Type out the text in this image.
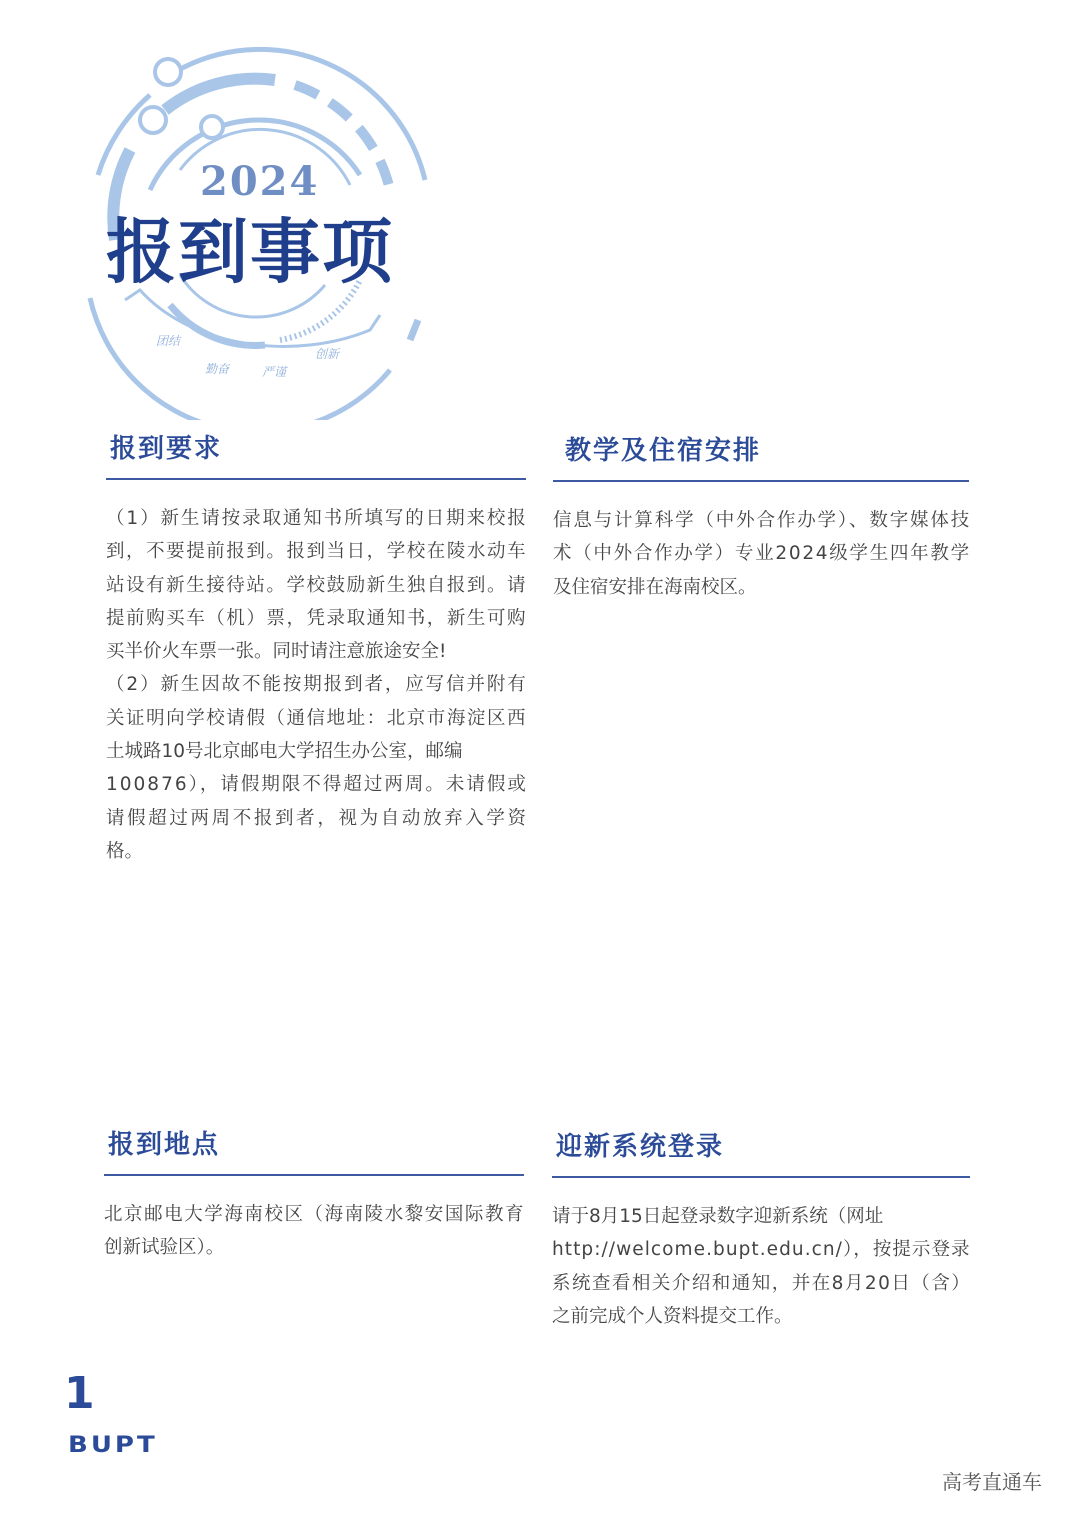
团结
勤奋	严谨
创新
2024
报到事项
报到要求
（1）新生请按录取通知书所填写的日期来校报
到，不要提前报到。报到当日，学校在陵水动车
站设有新生接待站。学校鼓励新生独自报到。请
提前购买车（机）票，凭录取通知书，新生可购
买半价火车票一张。同时请注意旅途安全!
（2）新生因故不能按期报到者，应写信并附有
关证明向学校请假（通信地址：北京市海淀区西
土城路10号北京邮电大学招生办公室，邮编
100876），请假期限不得超过两周。未请假或
请假超过两周不报到者，视为自动放弃入学资
格。
教学及住宿安排
信息与计算科学（中外合作办学）、数字媒体技
术（中外合作办学）专业2024级学生四年教学
及住宿安排在海南校区。
报到地点
北京邮电大学海南校区（海南陵水黎安国际教育
创新试验区）。
迎新系统登录
请于8月15日起登录数字迎新系统（网址
http://welcome.bupt.edu.cn/），按提示登录
系统查看相关介绍和通知，并在8月20日（含）
之前完成个人资料提交工作。
1
BUPT
高考直通车
